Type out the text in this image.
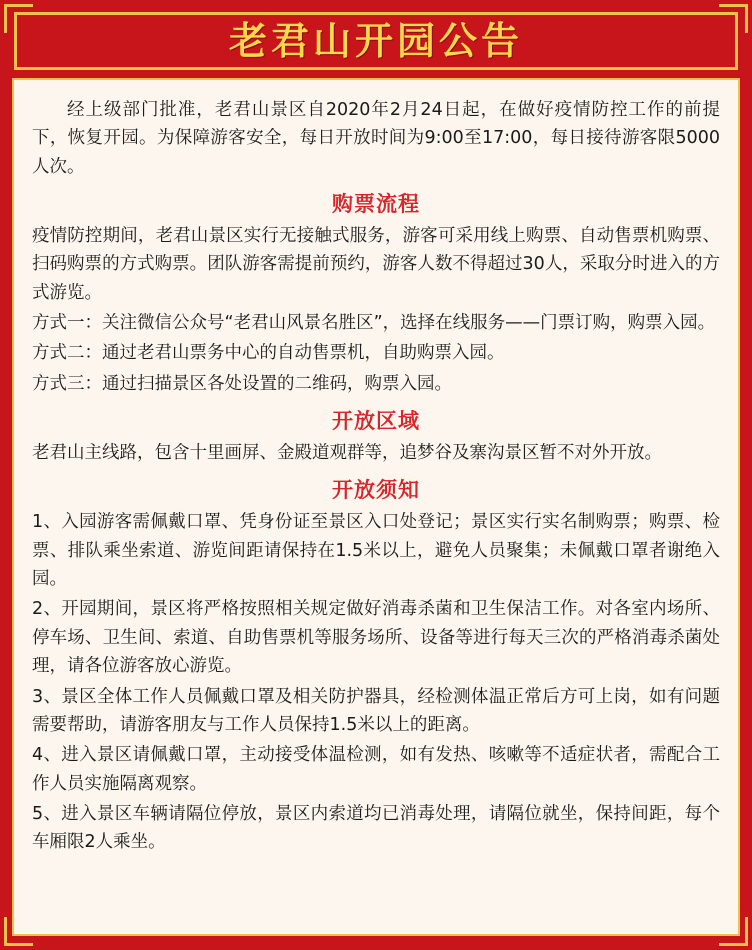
老君山开园公告

经上级部门批准，老君山景区自2020年2月24日起，在做好疫情防控工作的前提下，恢复开园。为保障游客安全，每日开放时间为9:00至17:00，每日接待游客限5000人次。

购票流程

疫情防控期间，老君山景区实行无接触式服务，游客可采用线上购票、自动售票机购票、扫码购票的方式购票。团队游客需提前预约，游客人数不得超过30人，采取分时进入的方式游览。

方式一：关注微信公众号“老君山风景名胜区”，选择在线服务——门票订购，购票入园。

方式二：通过老君山票务中心的自动售票机，自助购票入园。

方式三：通过扫描景区各处设置的二维码，购票入园。

开放区域

老君山主线路，包含十里画屏、金殿道观群等，追梦谷及寨沟景区暂不对外开放。

开放须知

1、入园游客需佩戴口罩、凭身份证至景区入口处登记；景区实行实名制购票；购票、检票、排队乘坐索道、游览间距请保持在1.5米以上，避免人员聚集；未佩戴口罩者谢绝入园。

2、开园期间，景区将严格按照相关规定做好消毒杀菌和卫生保洁工作。对各室内场所、停车场、卫生间、索道、自助售票机等服务场所、设备等进行每天三次的严格消毒杀菌处理，请各位游客放心游览。

3、景区全体工作人员佩戴口罩及相关防护器具，经检测体温正常后方可上岗，如有问题需要帮助，请游客朋友与工作人员保持1.5米以上的距离。

4、进入景区请佩戴口罩，主动接受体温检测，如有发热、咳嗽等不适症状者，需配合工作人员实施隔离观察。

5、进入景区车辆请隔位停放，景区内索道均已消毒处理，请隔位就坐，保持间距，每个车厢限2人乘坐。
